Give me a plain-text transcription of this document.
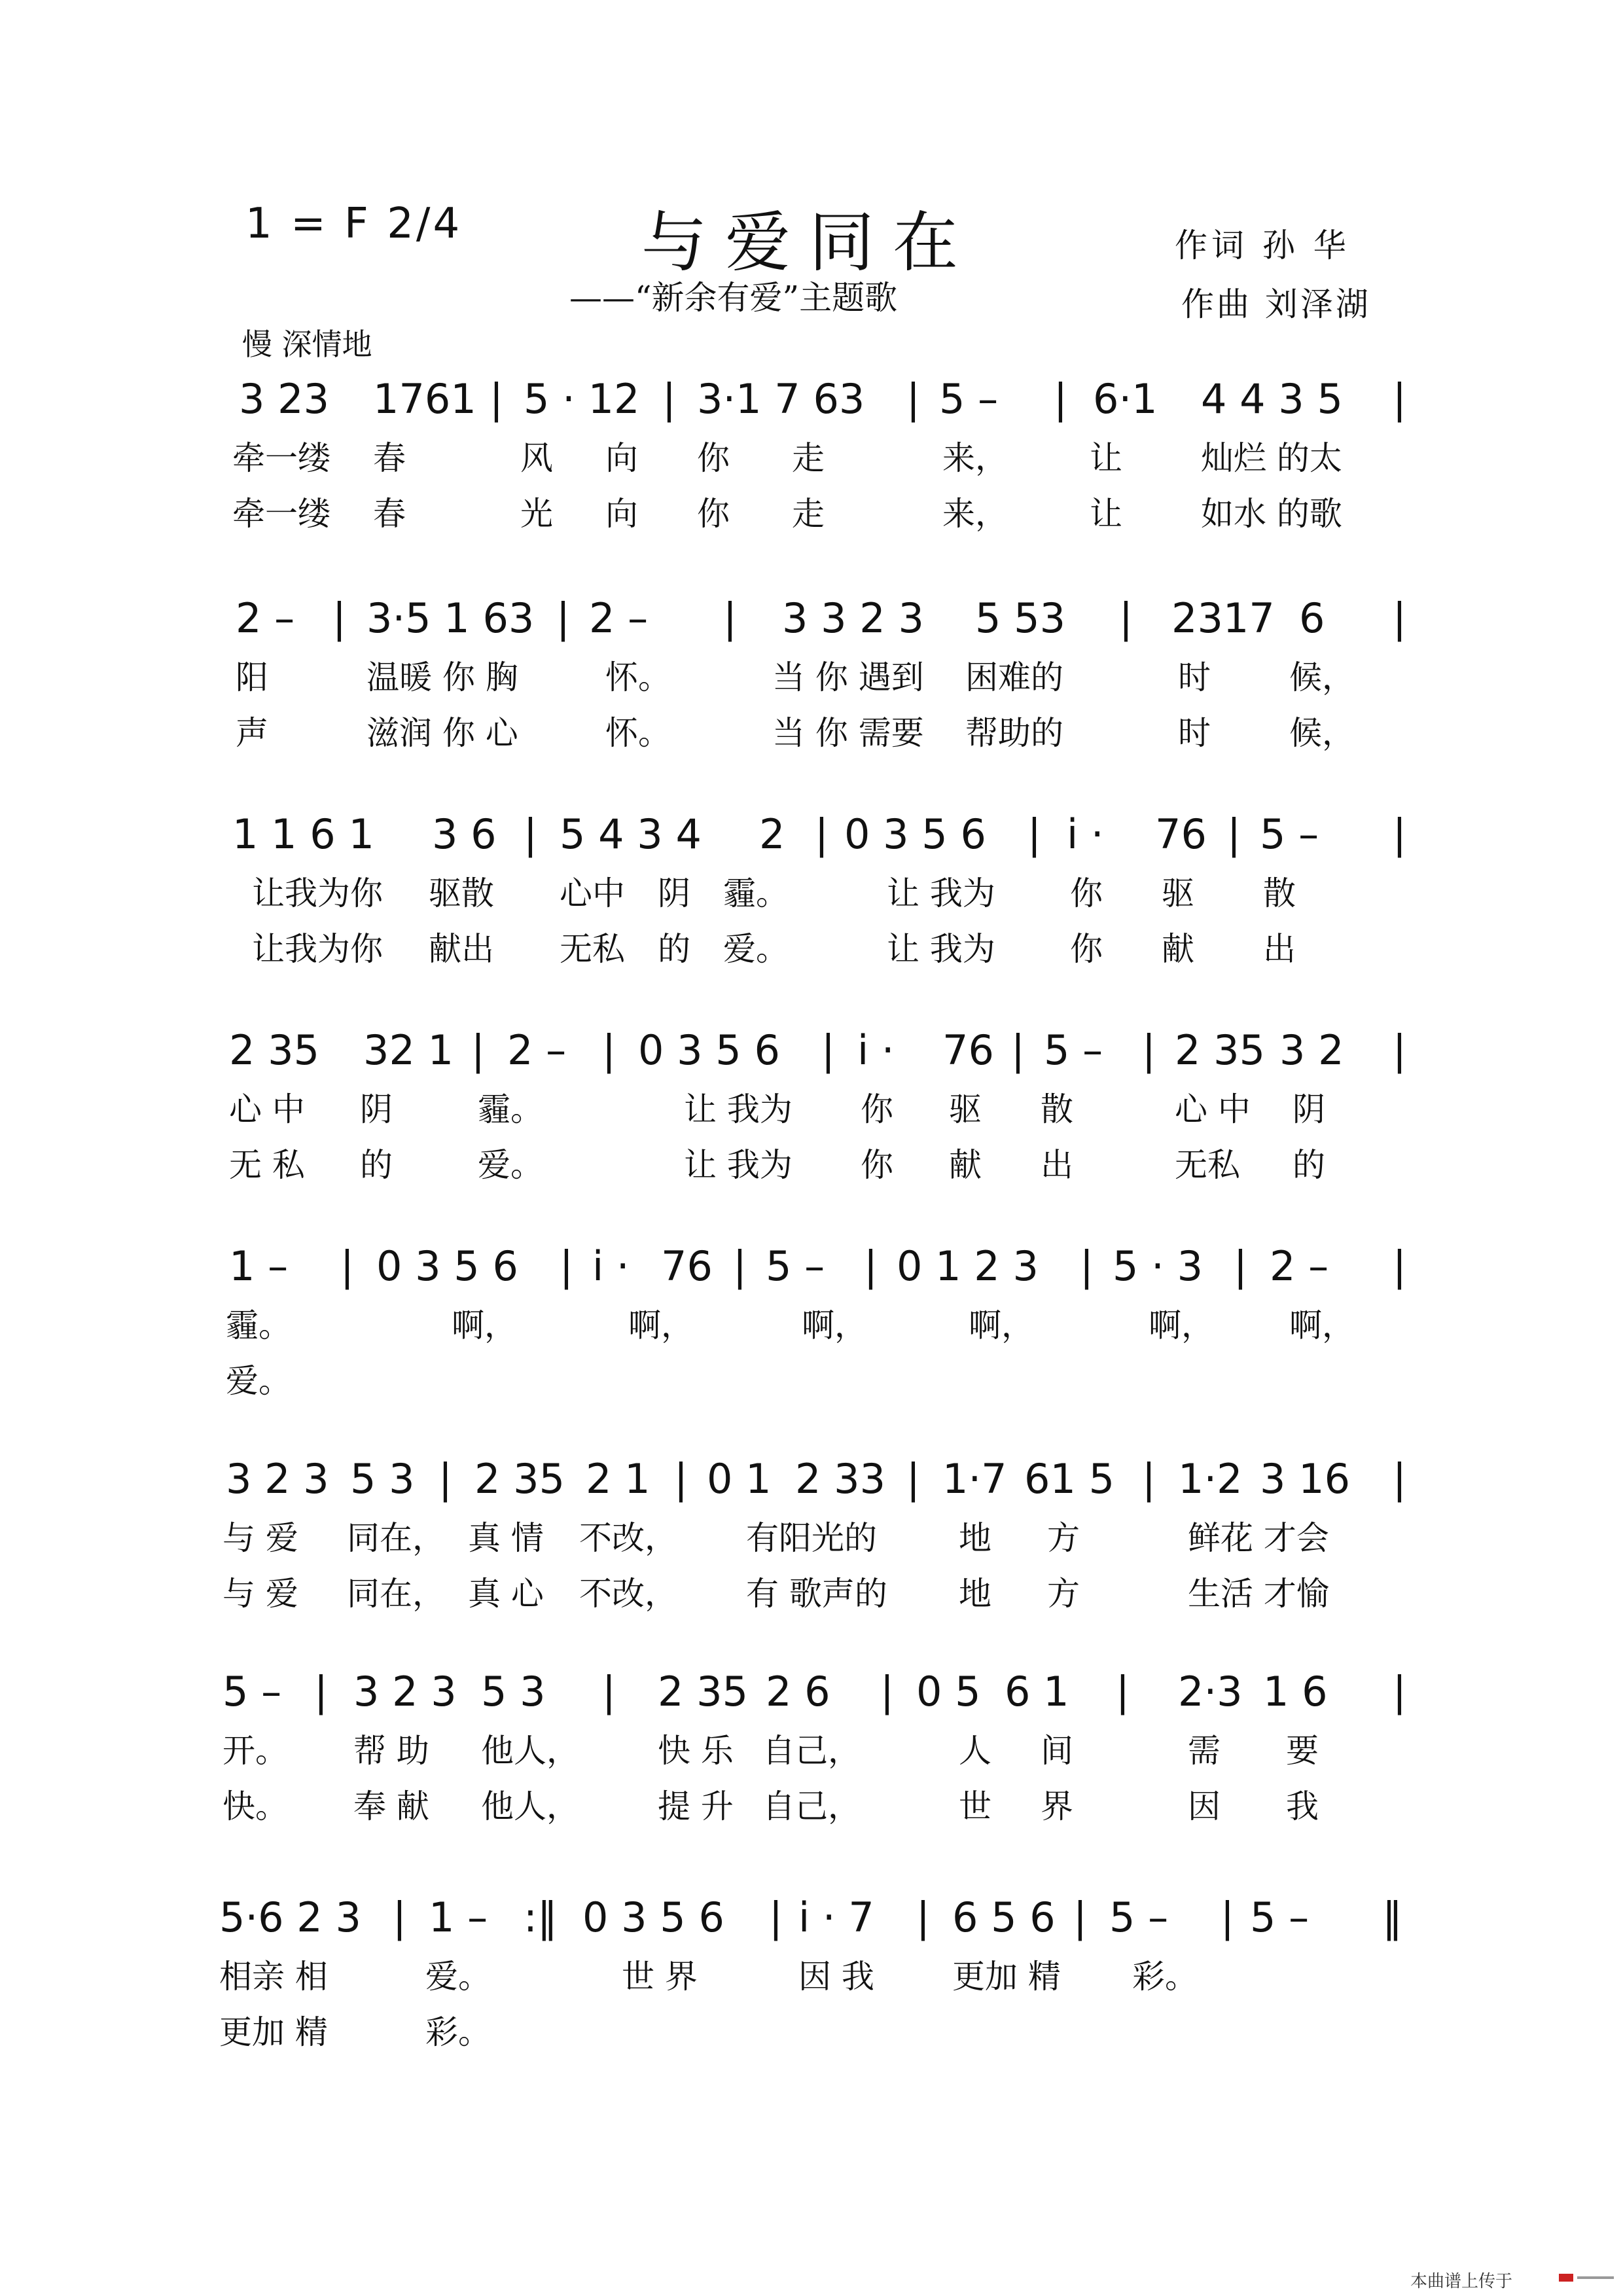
1 = F 2/4	与爱同在
——“新余有爱”主题歌
作词 孙 华
作曲 刘泽湖
慢 深情地
3 23 1761 | 5 · 12 | 3·1 7 63 | 5 – | 6·1 4 4 3 5 |
牵一缕 春	风 向 你 走	来，	让 灿烂 的太
牵一缕 春	光 向 你 走	来，	让 如水 的歌
2 – | 3·5 1 63 | 2 – | 3 3 2 3 5 53 | 2317 6 |
阳	温暖 你 胸	怀。	当 你 遇到 困难的	时 候，
声	滋润 你 心	怀。	当 你 需要 帮助的	时 候，
1 1 6 1 3 6 | 5 4 3 4 2 | 0 3 5 6 | i · 76 | 5 – |
让我为你 驱散 心中 阴 霾。	让 我为 你 驱 散
让我为你 献出 无私 的 爱。	让 我为 你 献 出
2 35 32 1 | 2 – | 0 3 5 6 | i · 76 | 5 – | 2 35 3 2 |
心 中 阴	霾。	让 我为 你 驱 散	心 中 阴
无 私 的	爱。	让 我为 你 献 出	无私 的
1 – | 0 3 5 6 | i · 76 | 5 – | 0 1 2 3 | 5 · 3 | 2 – |
霾。	啊，	啊，	啊，	啊，	啊， 啊，
爱。
3 2 3 5 3 | 2 35 2 1 | 0 1 2 33 | 1·7 61 5 | 1·2 3 16 |
与 爱 同在， 真 情 不改， 有阳光的	地 方	鲜花 才会
与 爱 同在， 真 心 不改， 有 歌声的 地 方	生活 才愉
5 – | 3 2 3 5 3 | 2 35 2 6 | 0 5 6 1 | 2·3 1 6 |
开。 帮 助 他人， 快 乐 自己，	人 间	需 要
快。 奉 献 他人， 提 升 自己，	世 界	因 我
5·6 2 3 | 1 – :‖ 0 3 5 6 | i · 7 | 6 5 6 | 5 – | 5 – ‖
相亲 相	爱。	世 界	因 我 更加 精 彩。
更加 精	彩。
本曲谱上传于
